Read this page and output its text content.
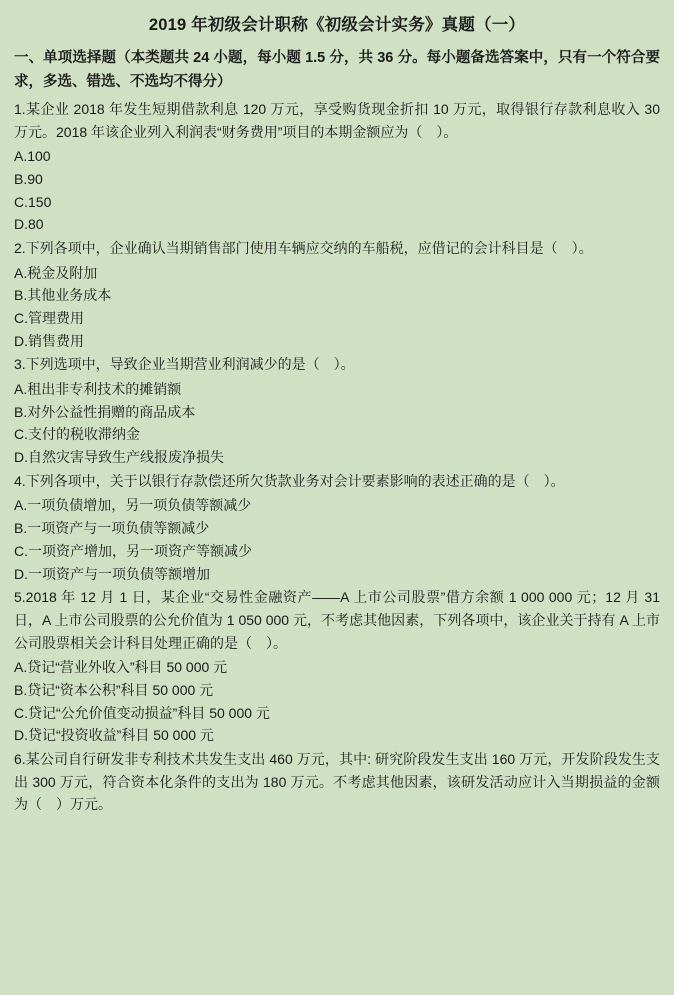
2019 年初级会计职称《初级会计实务》真题（一）
一、单项选择题（本类题共 24 小题，每小题 1.5 分，共 36 分。每小题备选答案中，只有一个符合要求，多选、错选、不选均不得分）
1.某企业 2018 年发生短期借款利息 120 万元，享受购货现金折扣 10 万元，取得银行存款利息收入 30 万元。2018 年该企业列入利润表“财务费用”项目的本期金额应为（　）。
A.100
B.90
C.150
D.80
2.下列各项中，企业确认当期销售部门使用车辆应交纳的车船税，应借记的会计科目是（　）。
A.税金及附加
B.其他业务成本
C.管理费用
D.销售费用
3.下列选项中，导致企业当期营业利润减少的是（　）。
A.租出非专利技术的摊销额
B.对外公益性捐赠的商品成本
C.支付的税收滞纳金
D.自然灾害导致生产线报废净损失
4.下列各项中，关于以银行存款偿还所欠货款业务对会计要素影响的表述正确的是（　）。
A.一项负债增加，另一项负债等额减少
B.一项资产与一项负债等额减少
C.一项资产增加，另一项资产等额减少
D.一项资产与一项负债等额增加
5.2018 年 12 月 1 日，某企业“交易性金融资产——A 上市公司股票”借方余额 1 000 000 元；12 月 31 日，A 上市公司股票的公允价值为 1 050 000 元，不考虑其他因素，下列各项中，该企业关于持有 A 上市公司股票相关会计科目处理正确的是（　）。
A.贷记“营业外收入”科目 50 000 元
B.贷记“资本公积”科目 50 000 元
C.贷记“公允价值变动损益”科目 50 000 元
D.贷记“投资收益”科目 50 000 元
6.某公司自行研发非专利技术共发生支出 460 万元，其中: 研究阶段发生支出 160 万元，开发阶段发生支出 300 万元，符合资本化条件的支出为 180 万元。不考虑其他因素，该研发活动应计入当期损益的金额为（　）万元。
